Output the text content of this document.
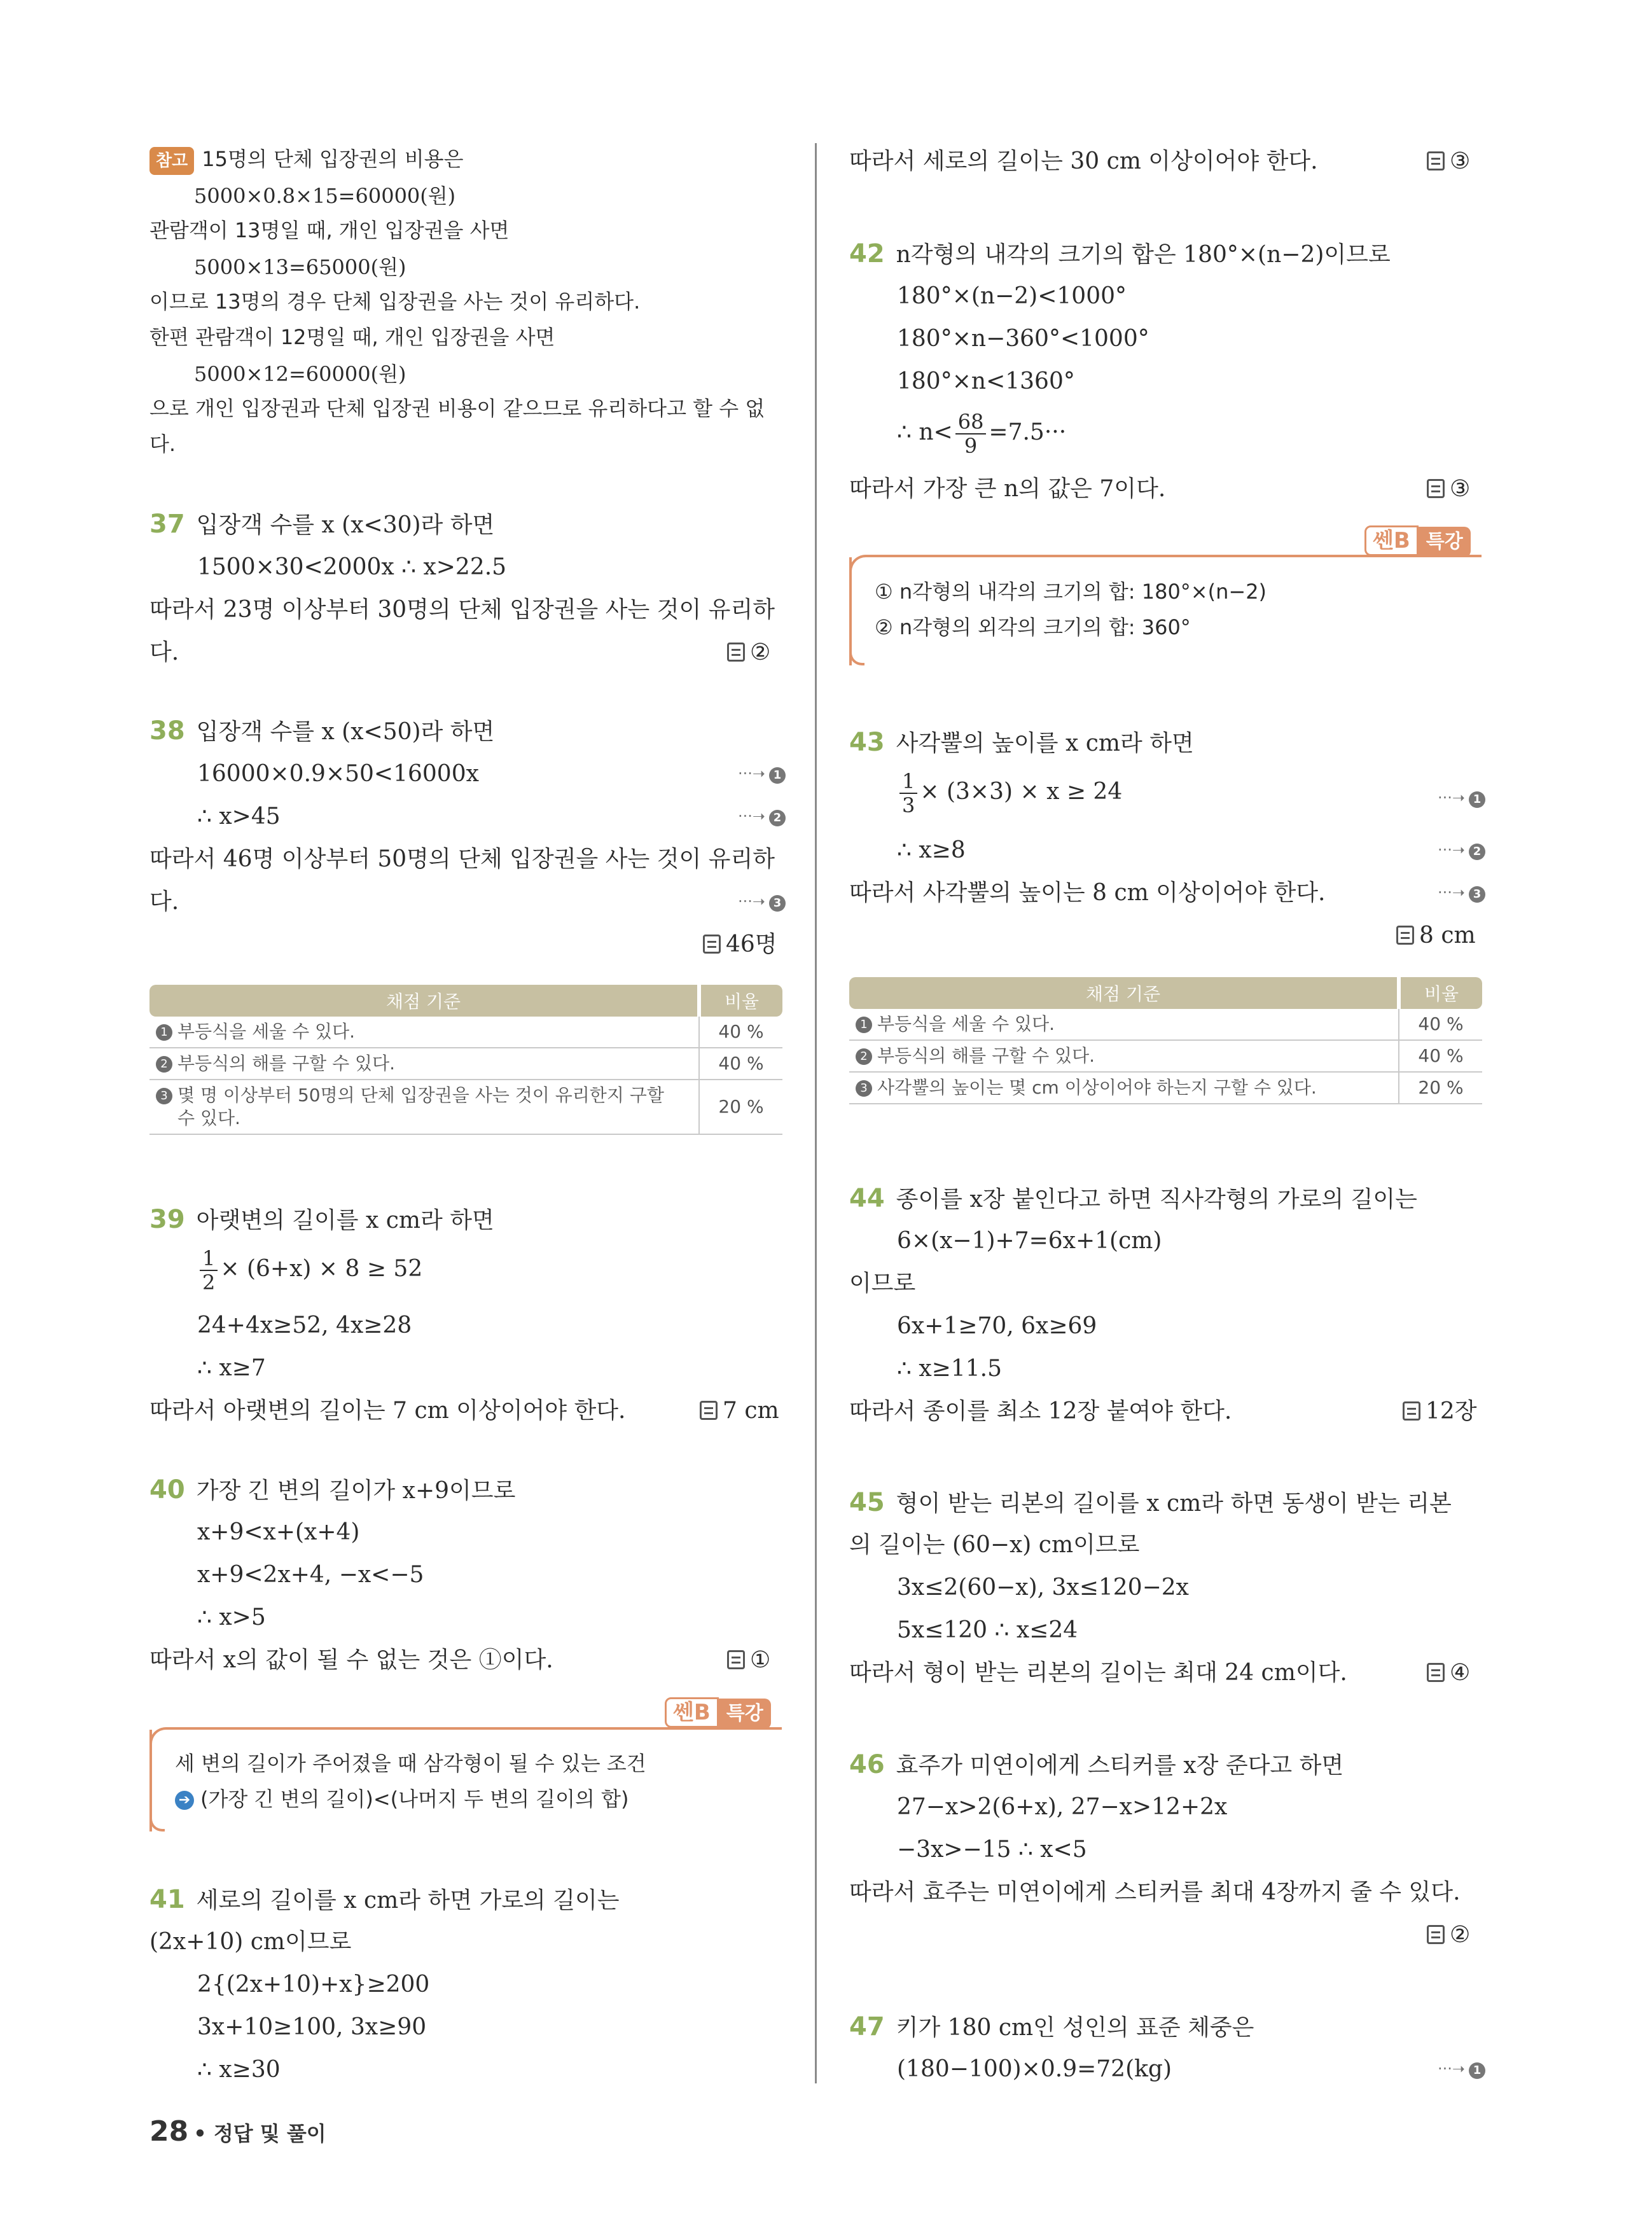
참고 15명의 단체 입장권의 비용은
5000×0.8×15=60000(원)
관람객이 13명일 때, 개인 입장권을 사면
5000×13=65000(원)
이므로 13명의 경우 단체 입장권을 사는 것이 유리하다.
한편 관람객이 12명일 때, 개인 입장권을 사면
5000×12=60000(원)
으로 개인 입장권과 단체 입장권 비용이 같으므로 유리하다고 할 수 없
다.
37 입장객 수를 x (x<30)라 하면
1500×30<2000x ∴ x>22.5
따라서 23명 이상부터 30명의 단체 입장권을 사는 것이 유리하
다.	②
38 입장객 수를 x (x<50)라 하면
16000×0.9×50<16000x	···➝ 1
∴ x>45	···➝ 2
따라서 46명 이상부터 50명의 단체 입장권을 사는 것이 유리하
다.	···➝ 3
46명
채점 기준	비율
1 부등식을 세울 수 있다.	40 %
2 부등식의 해를 구할 수 있다.	40 %
3 몇 명 이상부터 50명의 단체 입장권을 사는 것이 유리한지 구할
수 있다.	20 %
39 아랫변의 길이를 x cm라 하면
$\frac{1}{2} \times (6+x) \times 8 \ge 52$
24+4x≥52, 4x≥28
∴ x≥7
따라서 아랫변의 길이는 7 cm 이상이어야 한다.	7 cm
40 가장 긴 변의 길이가 x+9이므로
x+9<x+(x+4)
x+9<2x+4, −x<−5
∴ x>5
따라서 x의 값이 될 수 없는 것은 ①이다.	①
쎈B 특강
세 변의 길이가 주어졌을 때 삼각형이 될 수 있는 조건
➔ (가장 긴 변의 길이)<(나머지 두 변의 길이의 합)
41 세로의 길이를 x cm라 하면 가로의 길이는
(2x+10) cm이므로
2{(2x+10)+x}≥200
3x+10≥100, 3x≥90
∴ x≥30
따라서 세로의 길이는 30 cm 이상이어야 한다.	③
42 n각형의 내각의 크기의 합은 180°×(n−2)이므로
180°×(n−2)<1000°
180°×n−360°<1000°
180°×n<1360°
∴ $n< \frac{68}{9} =7.5\cdot\cdot\cdot$
따라서 가장 큰 n의 값은 7이다.	③
쎈B 특강
① n각형의 내각의 크기의 합: 180°×(n−2)
② n각형의 외각의 크기의 합: 360°
43 사각뿔의 높이를 x cm라 하면
$\frac{1}{3} \times (3\times 3) \times x \ge 24$	···➝ 1
∴ x≥8	···➝ 2
따라서 사각뿔의 높이는 8 cm 이상이어야 한다.	···➝ 3
8 cm
채점 기준	비율
1 부등식을 세울 수 있다.	40 %
2 부등식의 해를 구할 수 있다.	40 %
3 사각뿔의 높이는 몇 cm 이상이어야 하는지 구할 수 있다.	20 %
44 종이를 x장 붙인다고 하면 직사각형의 가로의 길이는
6×(x−1)+7=6x+1(cm)
이므로
6x+1≥70, 6x≥69
∴ x≥11.5
따라서 종이를 최소 12장 붙여야 한다.	12장
45 형이 받는 리본의 길이를 x cm라 하면 동생이 받는 리본
의 길이는 (60−x) cm이므로
3x≤2(60−x), 3x≤120−2x
5x≤120 ∴ x≤24
따라서 형이 받는 리본의 길이는 최대 24 cm이다.	④
46 효주가 미연이에게 스티커를 x장 준다고 하면
27−x>2(6+x), 27−x>12+2x
−3x>−15 ∴ x<5
따라서 효주는 미연이에게 스티커를 최대 4장까지 줄 수 있다.
②
47 키가 180 cm인 성인의 표준 체중은
(180−100)×0.9=72(kg)	···➝ 1
28 • 정답 및 풀이
